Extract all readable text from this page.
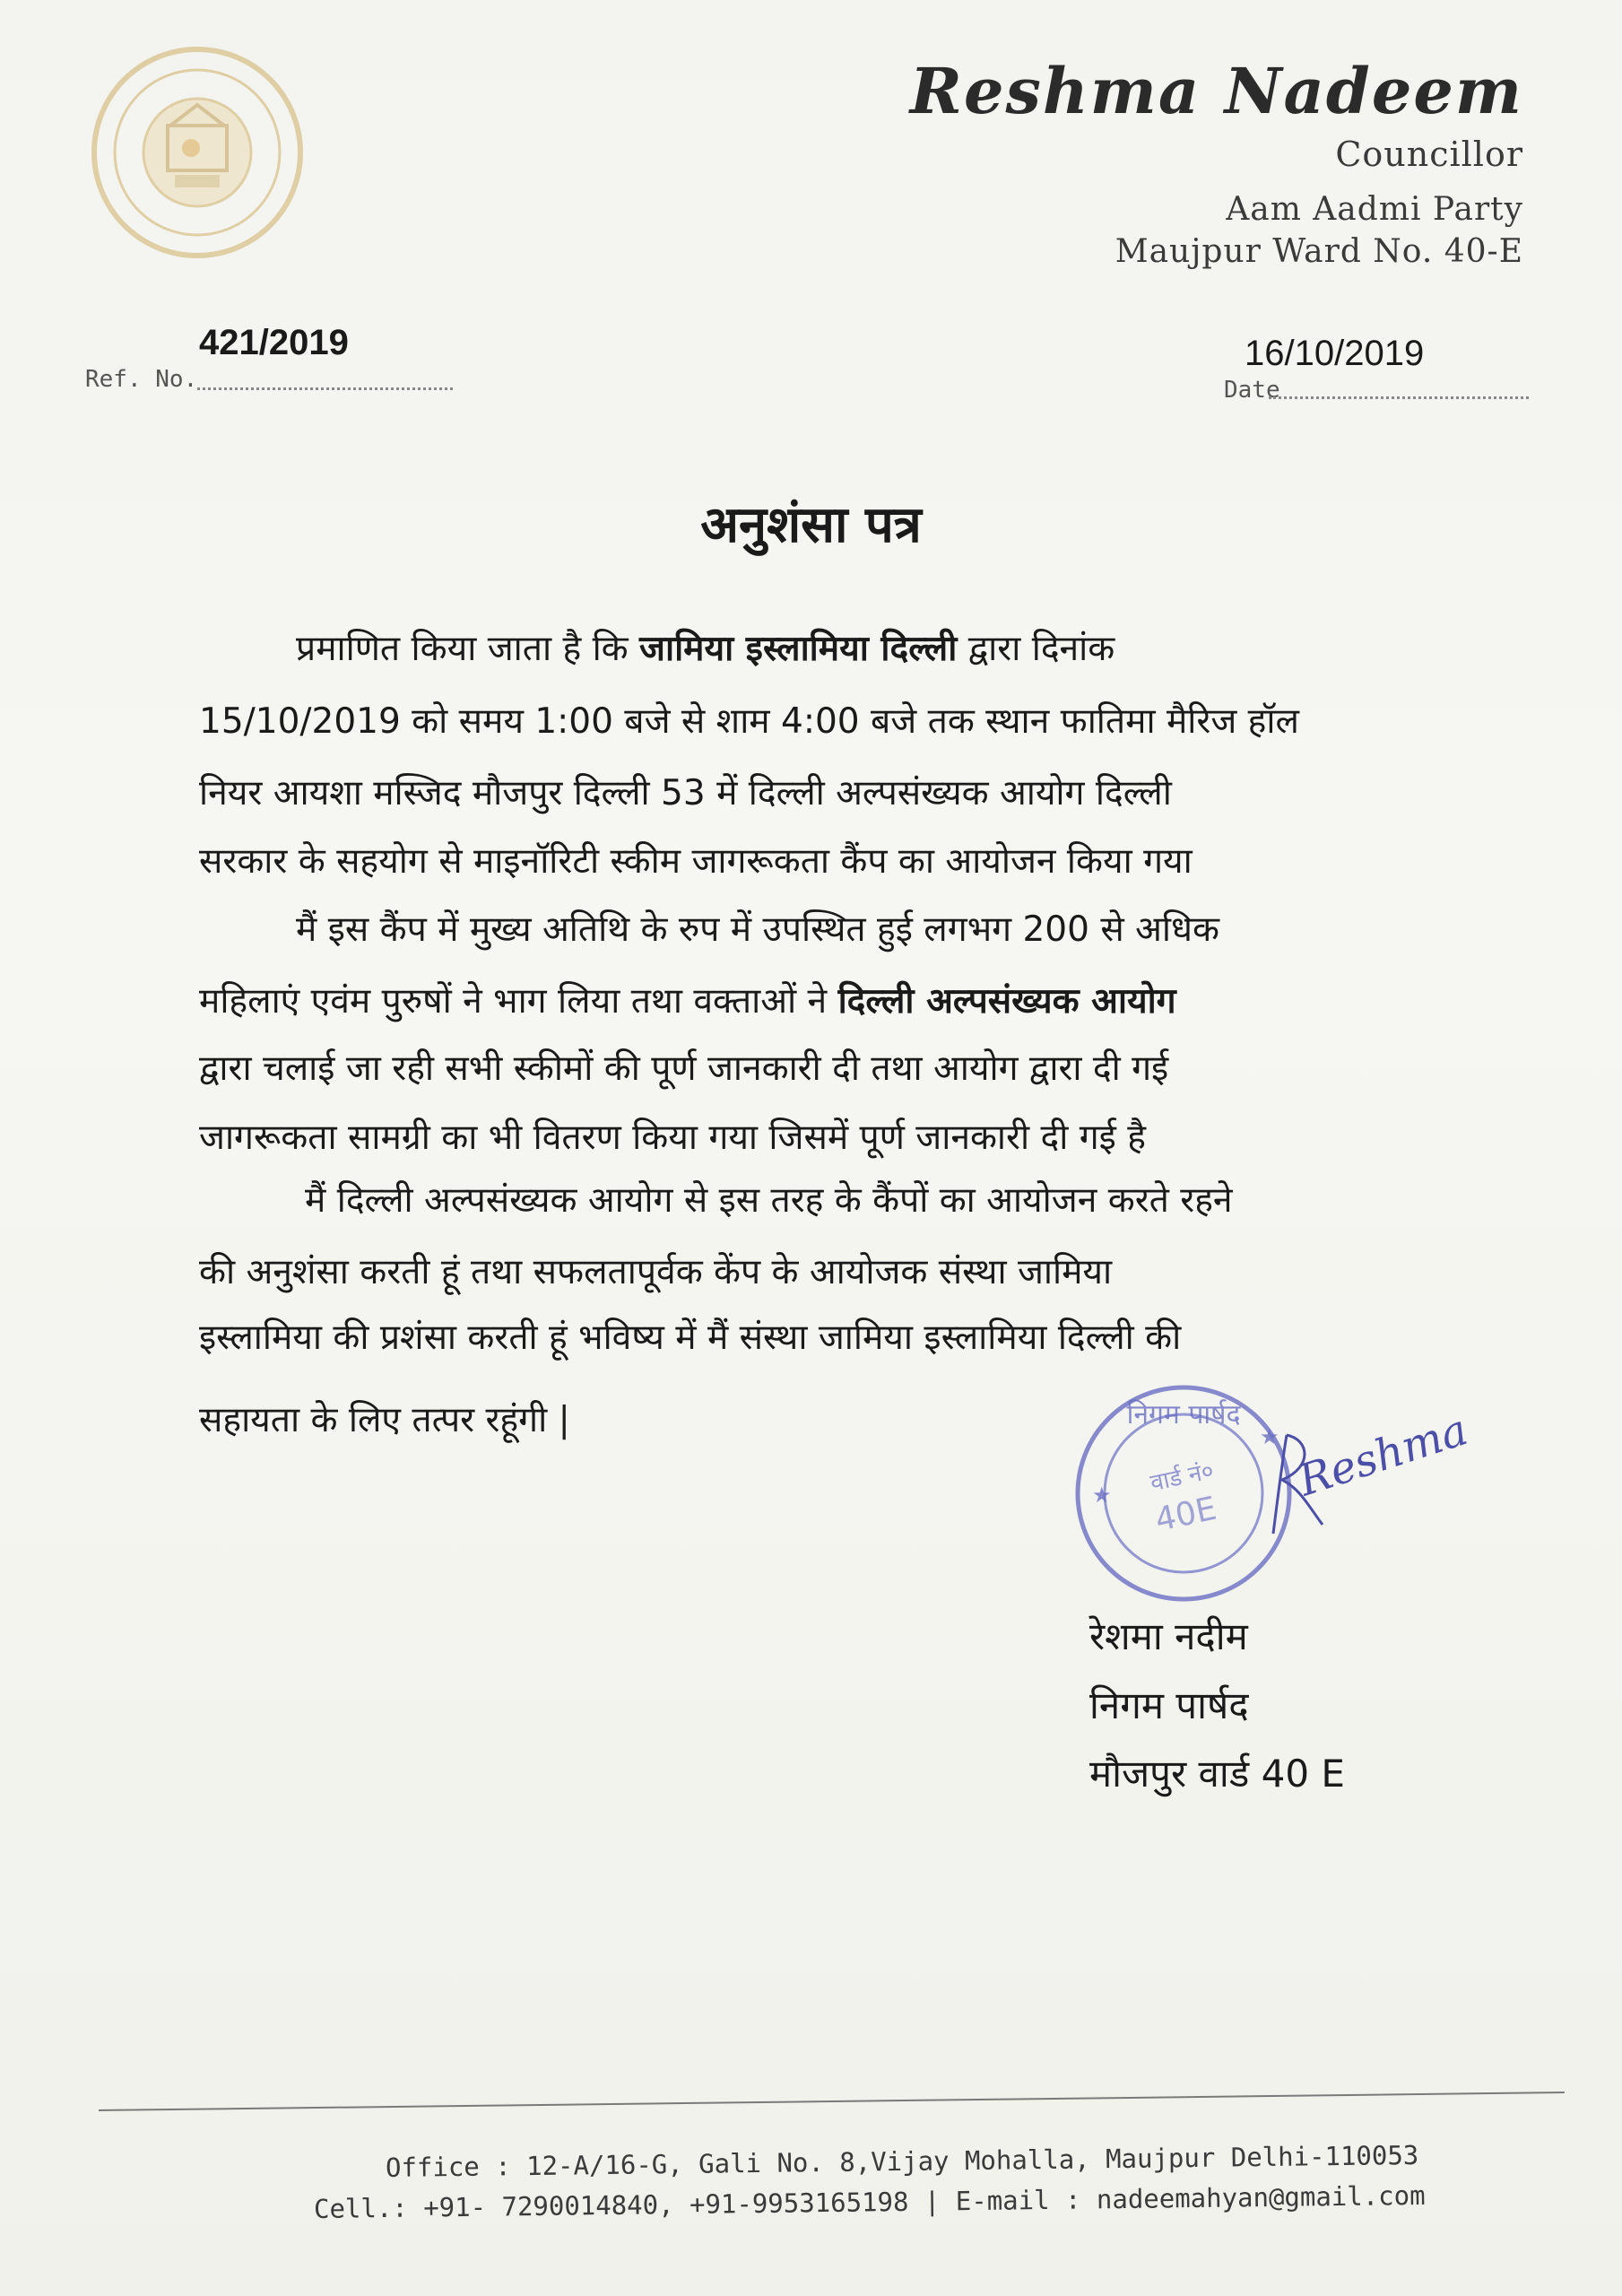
Reshma Nadeem
Councillor
Aam Aadmi Party
Maujpur Ward No. 40-E
421/2019
Ref. No.
16/10/2019
Date
अनुशंसा पत्र
प्रमाणित किया जाता है कि जामिया इस्लामिया दिल्ली द्वारा दिनांक
15/10/2019 को समय 1:00 बजे से शाम 4:00 बजे तक स्थान फातिमा मैरिज हॉल
नियर आयशा मस्जिद मौजपुर दिल्ली 53 में दिल्ली अल्पसंख्यक आयोग दिल्ली
सरकार के सहयोग से माइनॉरिटी स्कीम जागरूकता कैंप का आयोजन किया गया
मैं इस कैंप में मुख्य अतिथि के रुप में उपस्थित हुई लगभग 200 से अधिक
महिलाएं एवंम पुरुषों ने भाग लिया तथा वक्ताओं ने दिल्ली अल्पसंख्यक आयोग
द्वारा चलाई जा रही सभी स्कीमों की पूर्ण जानकारी दी तथा आयोग द्वारा दी गई
जागरूकता सामग्री का भी वितरण किया गया जिसमें पूर्ण जानकारी दी गई है
मैं दिल्ली अल्पसंख्यक आयोग से इस तरह के कैंपों का आयोजन करते रहने
की अनुशंसा करती हूं तथा सफलतापूर्वक केंप के आयोजक संस्था जामिया
इस्लामिया की प्रशंसा करती हूं भविष्य में मैं संस्था जामिया इस्लामिया दिल्ली की
सहायता के लिए तत्पर रहूंगी |	निगम पार्षद
वार्ड नं०
40E
★
★ Reshma
रेशमा नदीम
निगम पार्षद
मौजपुर वार्ड 40 E
Office : 12-A/16-G, Gali No. 8,Vijay Mohalla, Maujpur Delhi-110053
Cell.: +91- 7290014840, +91-9953165198 | E-mail : nadeemahyan@gmail.com
